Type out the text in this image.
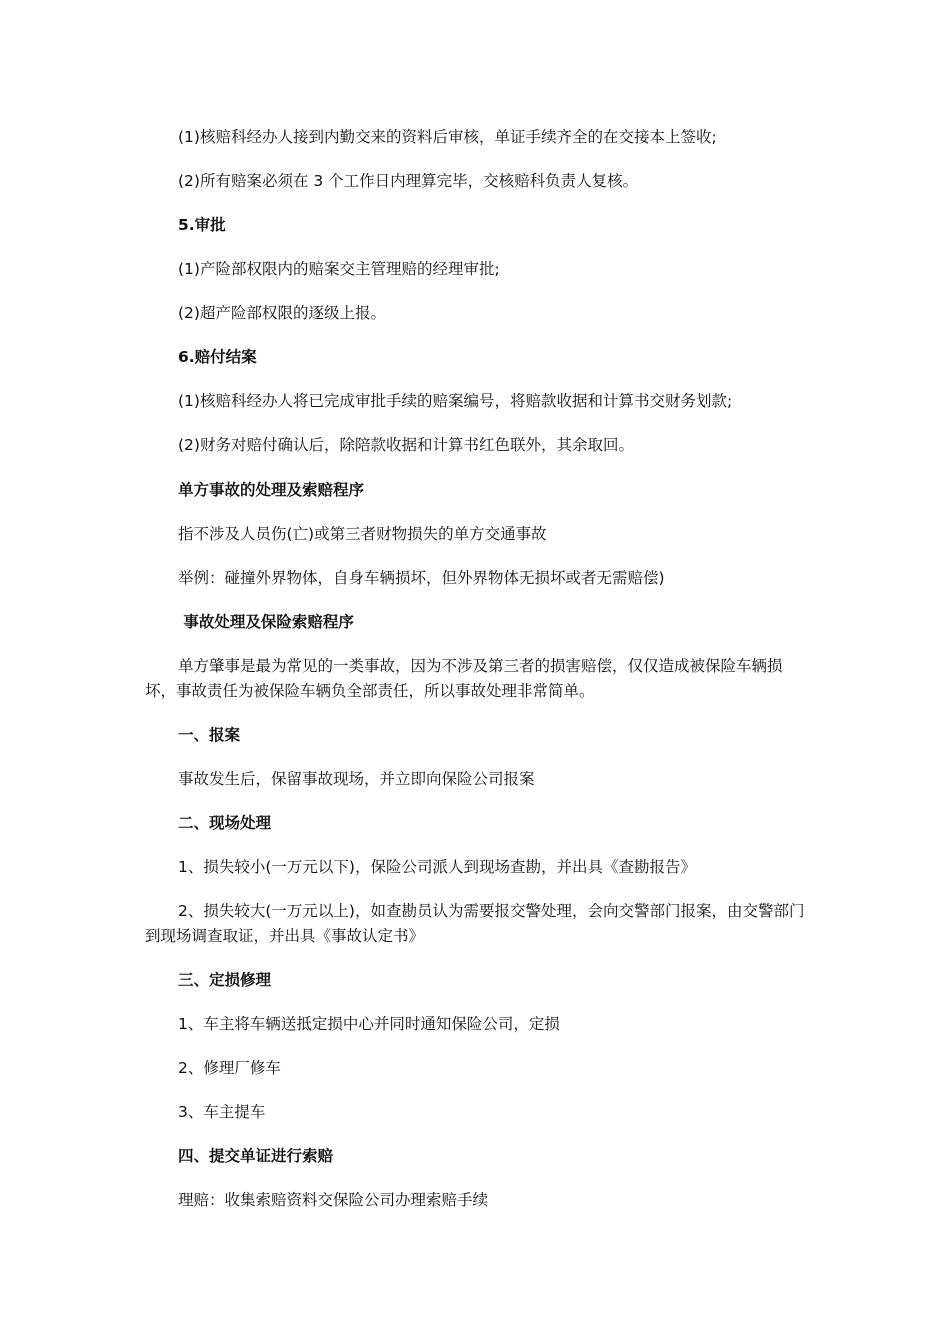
(1)核赔科经办人接到内勤交来的资料后审核，单证手续齐全的在交接本上签收;
(2)所有赔案必须在 3 个工作日内理算完毕，交核赔科负责人复核。
5.审批
(1)产险部权限内的赔案交主管理赔的经理审批;
(2)超产险部权限的逐级上报。
6.赔付结案
(1)核赔科经办人将已完成审批手续的赔案编号，将赔款收据和计算书交财务划款;
(2)财务对赔付确认后，除陪款收据和计算书红色联外，其余取回。
单方事故的处理及索赔程序
指不涉及人员伤(亡)或第三者财物损失的单方交通事故
举例：碰撞外界物体，自身车辆损坏，但外界物体无损坏或者无需赔偿)
事故处理及保险索赔程序
单方肇事是最为常见的一类事故，因为不涉及第三者的损害赔偿，仅仅造成被保险车辆损坏，事故责任为被保险车辆负全部责任，所以事故处理非常简单。
一、报案
事故发生后，保留事故现场，并立即向保险公司报案
二、现场处理
1、损失较小(一万元以下)，保险公司派人到现场查勘，并出具《查勘报告》
2、损失较大(一万元以上)，如查勘员认为需要报交警处理，会向交警部门报案，由交警部门到现场调查取证，并出具《事故认定书》
三、定损修理
1、车主将车辆送抵定损中心并同时通知保险公司，定损
2、修理厂修车
3、车主提车
四、提交单证进行索赔
理赔：收集索赔资料交保险公司办理索赔手续
